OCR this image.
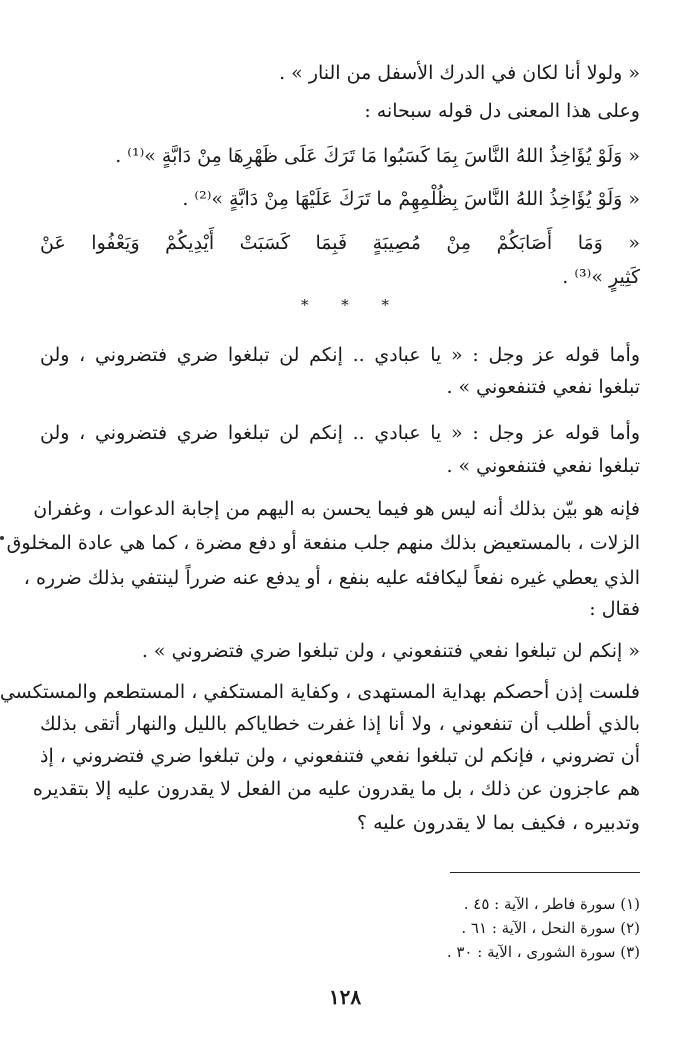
« ولولا أنا لكان في الدرك الأسفل من النار » .
وعلى هذا المعنى دل قوله سبحانه :
« وَلَوْ يُؤَاخِذُ اللهُ النَّاسَ بِمَا كَسَبُوا مَا تَرَكَ عَلَى ظَهْرِهَا مِنْ دَابَّةٍ »⁽¹⁾ .
« وَلَوْ يُؤَاخِذُ اللهُ النَّاسَ بِظُلْمِهِمْ ما تَرَكَ عَلَيْهَا مِنْ دَابَّةٍ »⁽²⁾ .
« وَمَا أَصَابَكُمْ مِنْ مُصِيبَةٍ فَبِمَا كَسَبَتْ أَيْدِيكُمْ وَيَعْفُوا عَنْ
كَثِيرٍ »⁽³⁾ .
* * *
وأما قوله عز وجل : « يا عبادي .. إنكم لن تبلغوا ضري فتضروني ، ولن
تبلغوا نفعي فتنفعوني » .
وأما قوله عز وجل : « يا عبادي .. إنكم لن تبلغوا ضري فتضروني ، ولن
تبلغوا نفعي فتنفعوني » .
فإنه هو بيّن بذلك أنه ليس هو فيما يحسن به اليهم من إجابة الدعوات ، وغفران
الزلات ، بالمستعيض بذلك منهم جلب منفعة أو دفع مضرة ، كما هي عادة المخلوق
الذي يعطي غيره نفعاً ليكافئه عليه بنفع ، أو يدفع عنه ضرراً لينتفي بذلك ضرره ،
فقال :
« إنكم لن تبلغوا نفعي فتنفعوني ، ولن تبلغوا ضري فتضروني » .
فلست إذن أحصكم بهداية المستهدى ، وكفاية المستكفي ، المستطعم والمستكسي
بالذي أطلب أن تنفعوني ، ولا أنا إذا غفرت خطاياكم بالليل والنهار أتقى بذلك
أن تضروني ، فإنكم لن تبلغوا نفعي فتنفعوني ، ولن تبلغوا ضري فتضروني ، إذ
هم عاجزون عن ذلك ، بل ما يقدرون عليه من الفعل لا يقدرون عليه إلا بتقديره
وتدبيره ، فكيف بما لا يقدرون عليه ؟
(١) سورة فاطر ، الآية : ٤٥ .
(٢) سورة النحل ، الآية : ٦١ .
(٣) سورة الشورى ، الآية : ٣٠ .
١٢٨
